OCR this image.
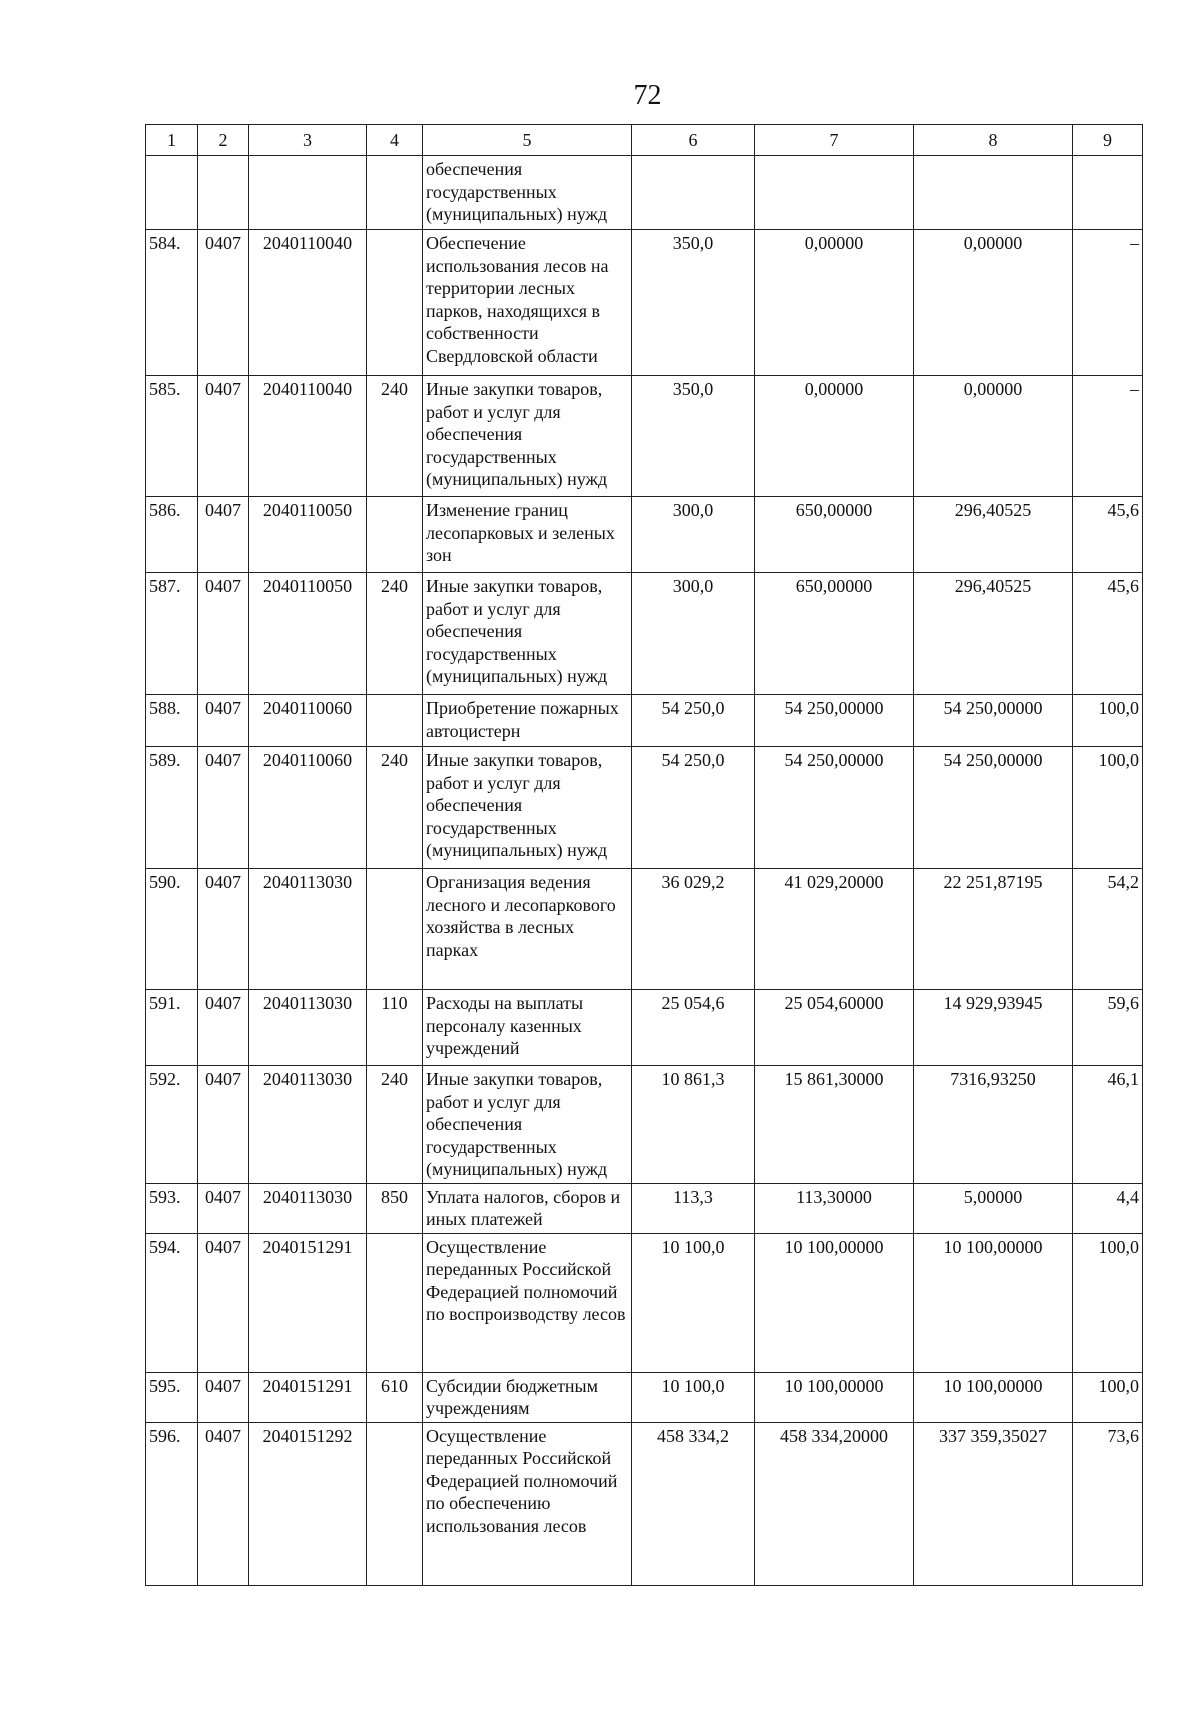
72
1	2	3	4	5	6	7	8	9
				обеспечения государственных (муниципальных) нужд				
584.	0407	2040110040		Обеспечение использования лесов на территории лесных парков, находящихся в собственности Свердловской области	350,0	0,00000	0,00000	–
585.	0407	2040110040	240	Иные закупки товаров, работ и услуг для обеспечения государственных (муниципальных) нужд	350,0	0,00000	0,00000	–
586.	0407	2040110050		Изменение границ лесопарковых и зеленых зон	300,0	650,00000	296,40525	45,6
587.	0407	2040110050	240	Иные закупки товаров, работ и услуг для обеспечения государственных (муниципальных) нужд	300,0	650,00000	296,40525	45,6
588.	0407	2040110060		Приобретение пожарных автоцистерн	54 250,0	54 250,00000	54 250,00000	100,0
589.	0407	2040110060	240	Иные закупки товаров, работ и услуг для обеспечения государственных (муниципальных) нужд	54 250,0	54 250,00000	54 250,00000	100,0
590.	0407	2040113030		Организация ведения лесного и лесопаркового хозяйства в лесных парках	36 029,2	41 029,20000	22 251,87195	54,2
591.	0407	2040113030	110	Расходы на выплаты персоналу казенных учреждений	25 054,6	25 054,60000	14 929,93945	59,6
592.	0407	2040113030	240	Иные закупки товаров, работ и услуг для обеспечения государственных (муниципальных) нужд	10 861,3	15 861,30000	7316,93250	46,1
593.	0407	2040113030	850	Уплата налогов, сборов и иных платежей	113,3	113,30000	5,00000	4,4
594.	0407	2040151291		Осуществление переданных Российской Федерацией полномочий по воспроизводству лесов	10 100,0	10 100,00000	10 100,00000	100,0
595.	0407	2040151291	610	Субсидии бюджетным учреждениям	10 100,0	10 100,00000	10 100,00000	100,0
596.	0407	2040151292		Осуществление переданных Российской Федерацией полномочий по обеспечению использования лесов	458 334,2	458 334,20000	337 359,35027	73,6
